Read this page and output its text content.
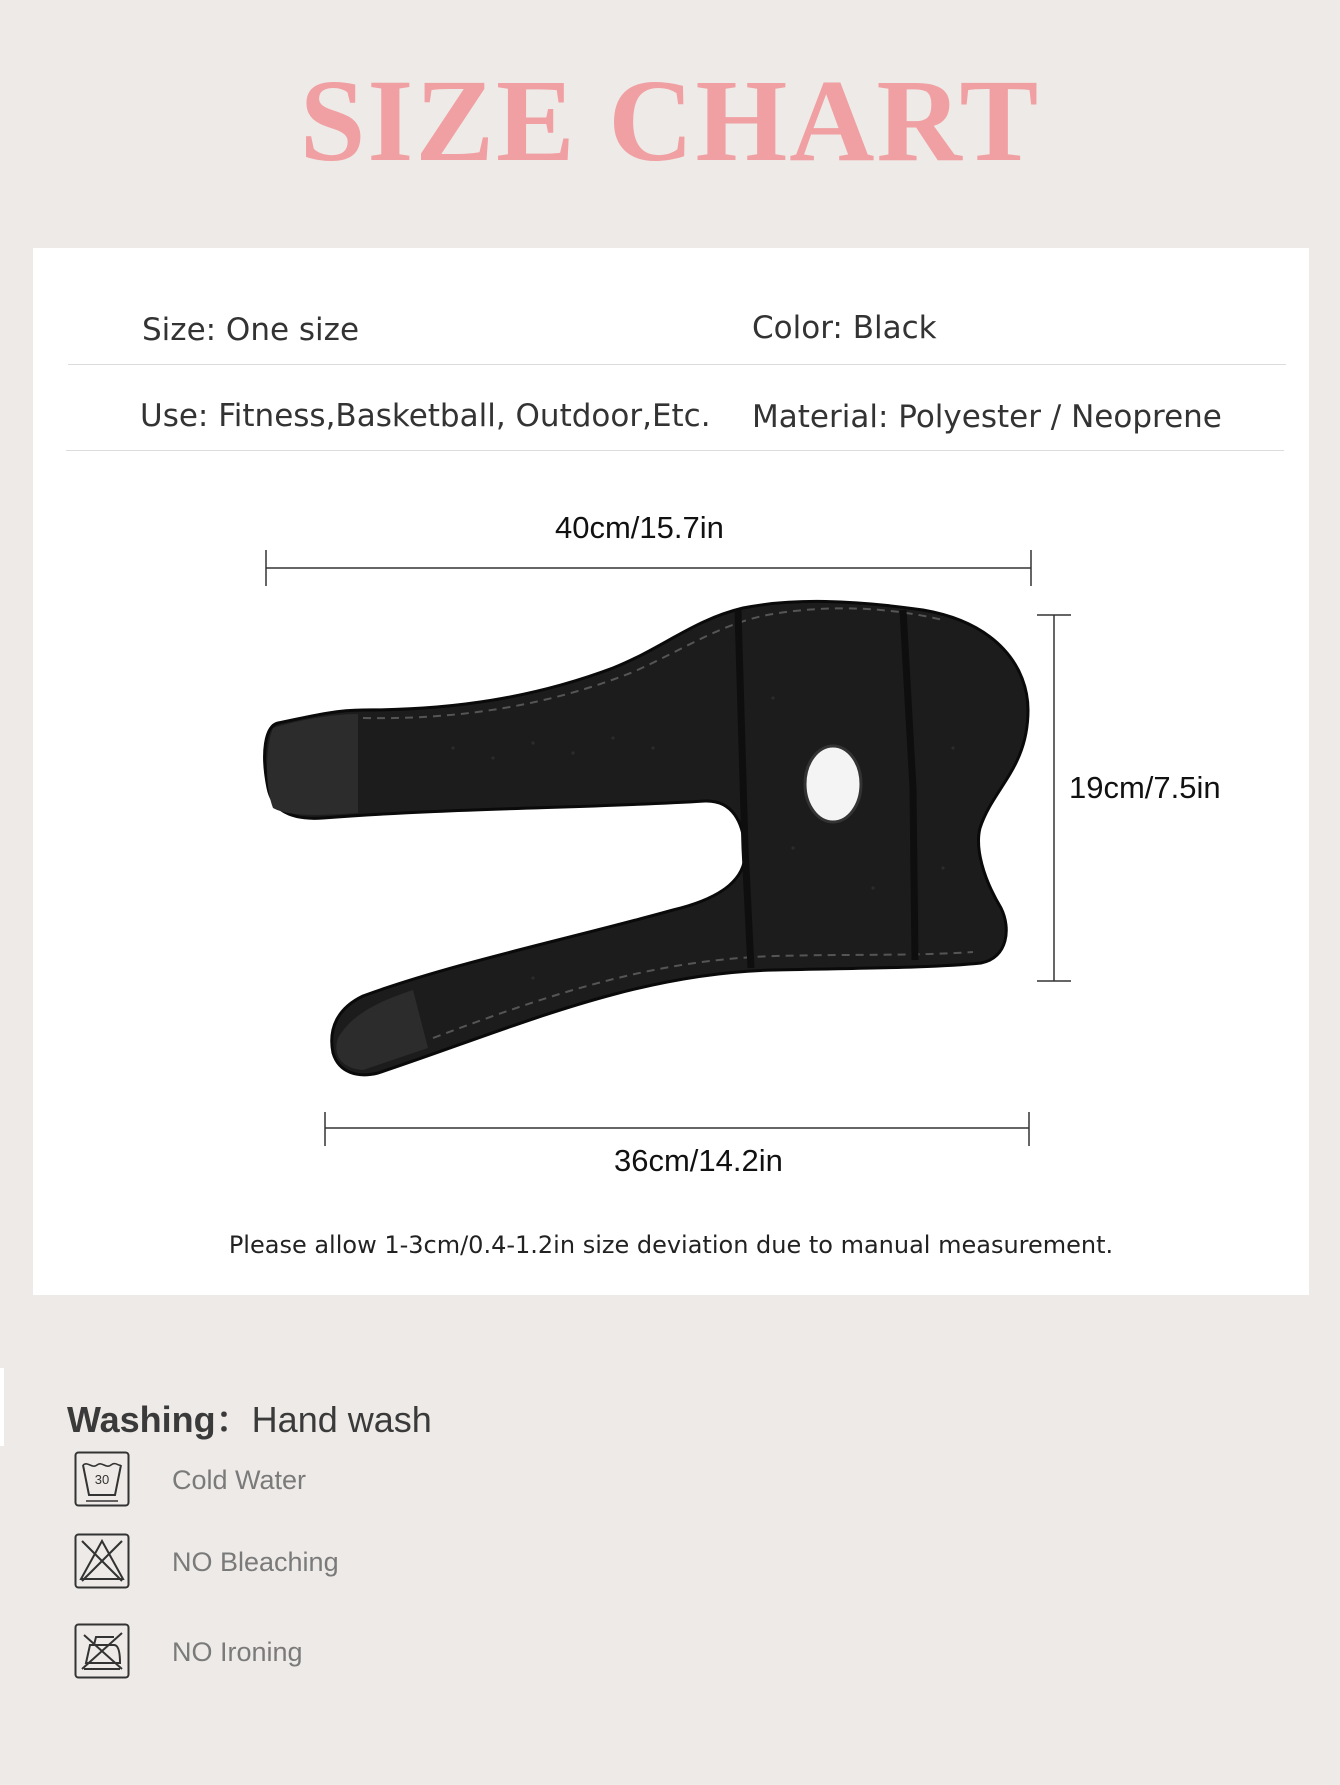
SIZE CHART
Size: One size	Color: Black
Use: Fitness,Basketball, Outdoor,Etc. Material: Polyester / Neoprene
40cm/15.7in
19cm/7.5in
36cm/14.2in
Please allow 1-3cm/0.4-1.2in size deviation due to manual measurement.
Washing：Hand wash
30 Cold Water
NO Bleaching
NO Ironing
